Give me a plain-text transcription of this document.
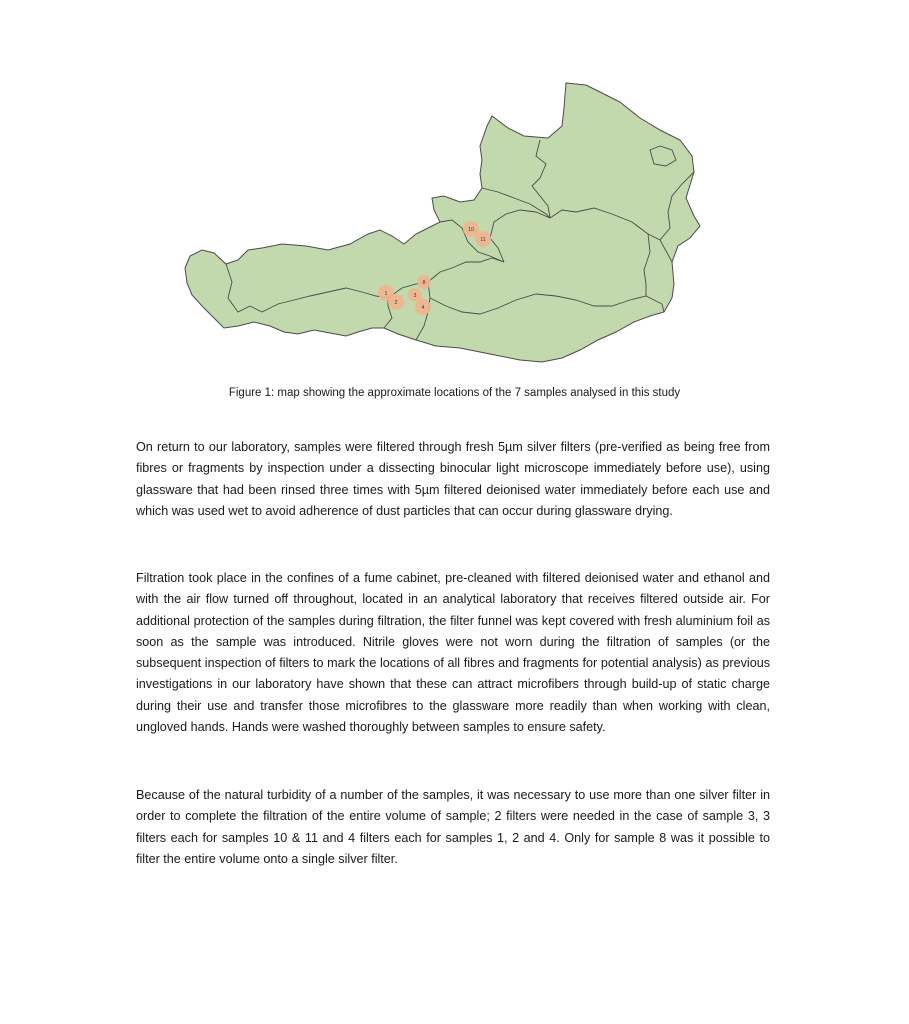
10
11
8
1
2
3
4
Figure 1: map showing the approximate locations of the 7 samples analysed in this study

On return to our laboratory, samples were filtered through fresh 5µm silver filters (pre-verified as being free from fibres or fragments by inspection under a dissecting binocular light microscope immediately before use), using glassware that had been rinsed three times with 5µm filtered deionised water immediately before each use and which was used wet to avoid adherence of dust particles that can occur during glassware drying.

Filtration took place in the confines of a fume cabinet, pre-cleaned with filtered deionised water and ethanol and with the air flow turned off throughout, located in an analytical laboratory that receives filtered outside air. For additional protection of the samples during filtration, the filter funnel was kept covered with fresh aluminium foil as soon as the sample was introduced. Nitrile gloves were not worn during the filtration of samples (or the subsequent inspection of filters to mark the locations of all fibres and fragments for potential analysis) as previous investigations in our laboratory have shown that these can attract microfibers through build-up of static charge during their use and transfer those microfibres to the glassware more readily than when working with clean, ungloved hands. Hands were washed thoroughly between samples to ensure safety.

Because of the natural turbidity of a number of the samples, it was necessary to use more than one silver filter in order to complete the filtration of the entire volume of sample; 2 filters were needed in the case of sample 3, 3 filters each for samples 10 & 11 and 4 filters each for samples 1, 2 and 4. Only for sample 8 was it possible to filter the entire volume onto a single silver filter.
